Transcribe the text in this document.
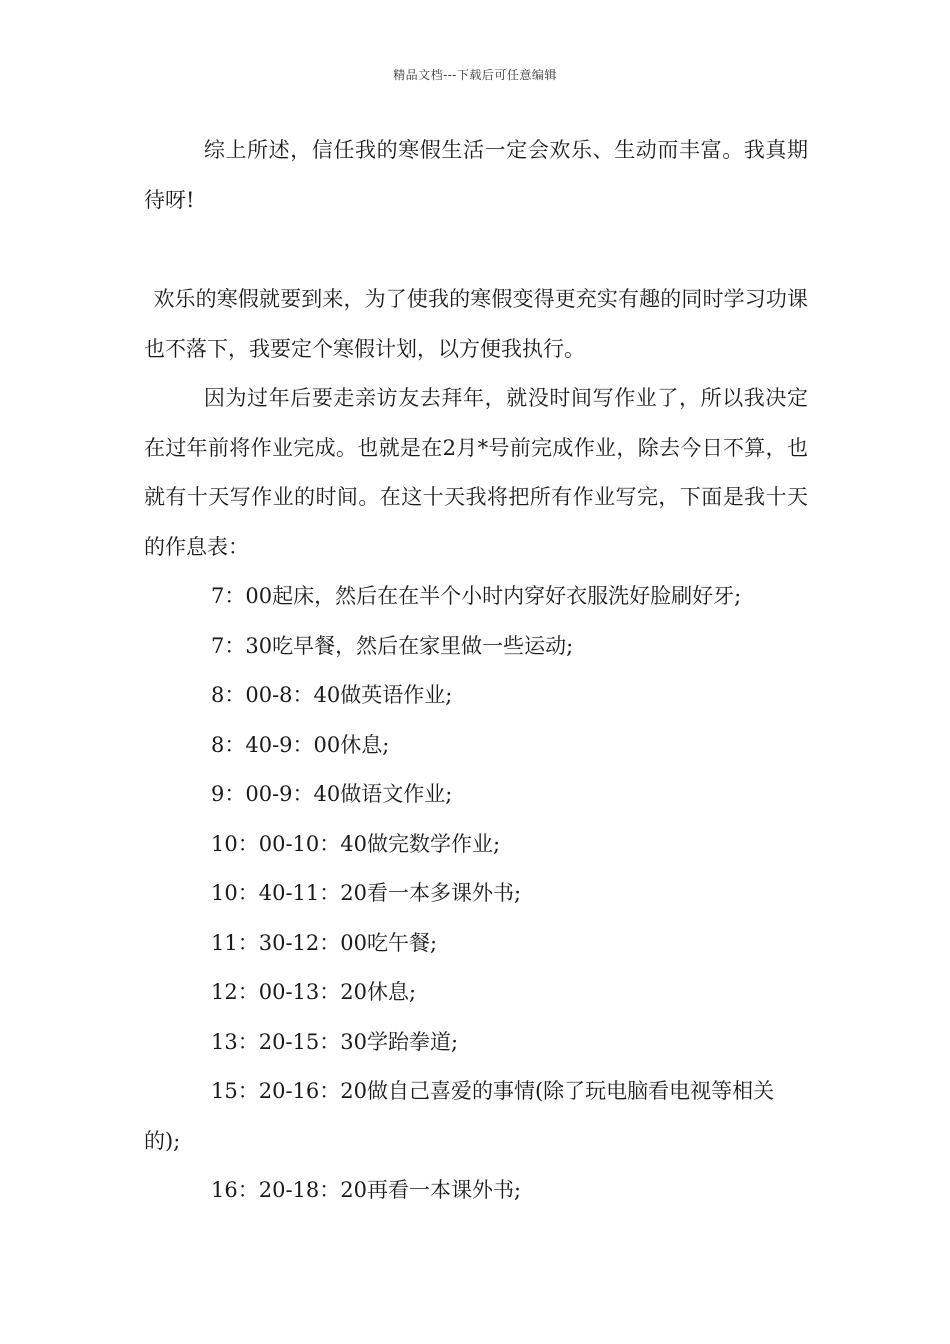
精品文档---下载后可任意编辑

综上所述，信任我的寒假生活一定会欢乐、生动而丰富。我真期待呀!

欢乐的寒假就要到来，为了使我的寒假变得更充实有趣的同时学习功课也不落下，我要定个寒假计划，以方便我执行。

因为过年后要走亲访友去拜年，就没时间写作业了，所以我决定在过年前将作业完成。也就是在2月*号前完成作业，除去今日不算，也就有十天写作业的时间。在这十天我将把所有作业写完，下面是我十天的作息表：

7：00起床，然后在在半个小时内穿好衣服洗好脸刷好牙;

7：30吃早餐，然后在家里做一些运动;

8：00-8：40做英语作业;

8：40-9：00休息;

9：00-9：40做语文作业;

10：00-10：40做完数学作业;

10：40-11：20看一本多课外书;

11：30-12：00吃午餐;

12：00-13：20休息;

13：20-15：30学跆拳道;

15：20-16：20做自己喜爱的事情(除了玩电脑看电视等相关的);

16：20-18：20再看一本课外书;
